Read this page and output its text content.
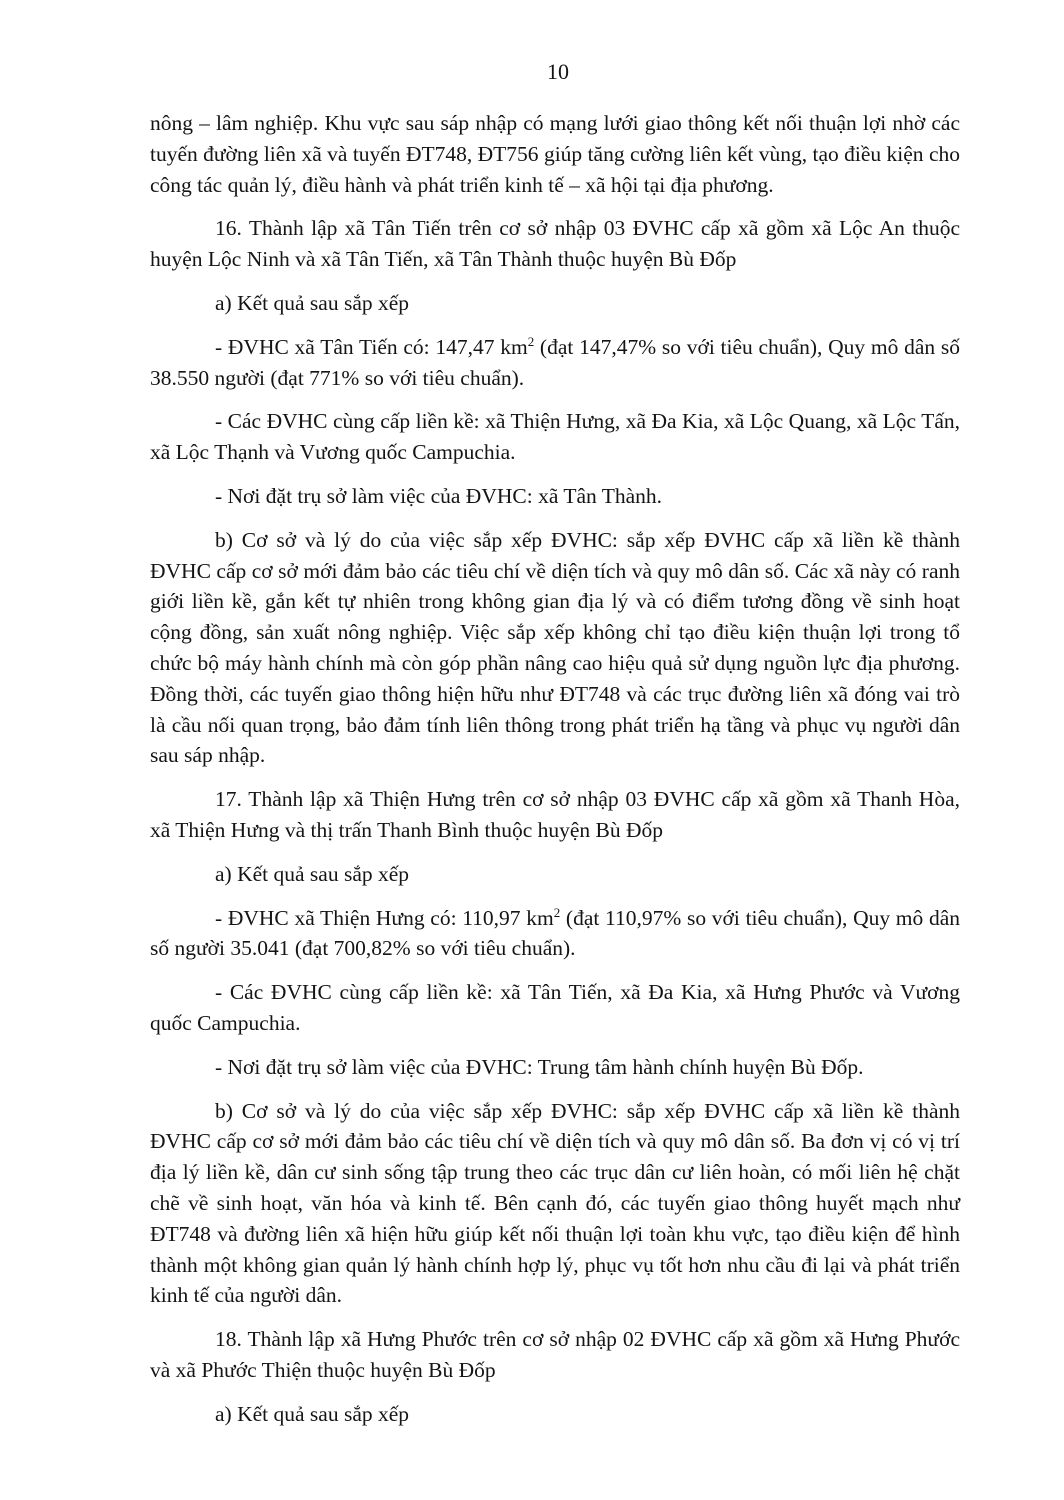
10

nông – lâm nghiệp. Khu vực sau sáp nhập có mạng lưới giao thông kết nối thuận lợi nhờ các tuyến đường liên xã và tuyến ĐT748, ĐT756 giúp tăng cường liên kết vùng, tạo điều kiện cho công tác quản lý, điều hành và phát triển kinh tế – xã hội tại địa phương.

16. Thành lập xã Tân Tiến trên cơ sở nhập 03 ĐVHC cấp xã gồm xã Lộc An thuộc huyện Lộc Ninh và xã Tân Tiến, xã Tân Thành thuộc huyện Bù Đốp

a) Kết quả sau sắp xếp

- ĐVHC xã Tân Tiến có: 147,47 $km^2$ (đạt 147,47% so với tiêu chuẩn), Quy mô dân số 38.550 người (đạt 771% so với tiêu chuẩn).

- Các ĐVHC cùng cấp liền kề: xã Thiện Hưng, xã Đa Kia, xã Lộc Quang, xã Lộc Tấn, xã Lộc Thạnh và Vương quốc Campuchia.

- Nơi đặt trụ sở làm việc của ĐVHC: xã Tân Thành.

b) Cơ sở và lý do của việc sắp xếp ĐVHC: sắp xếp ĐVHC cấp xã liền kề thành ĐVHC cấp cơ sở mới đảm bảo các tiêu chí về diện tích và quy mô dân số. Các xã này có ranh giới liền kề, gắn kết tự nhiên trong không gian địa lý và có điểm tương đồng về sinh hoạt cộng đồng, sản xuất nông nghiệp. Việc sắp xếp không chỉ tạo điều kiện thuận lợi trong tổ chức bộ máy hành chính mà còn góp phần nâng cao hiệu quả sử dụng nguồn lực địa phương. Đồng thời, các tuyến giao thông hiện hữu như ĐT748 và các trục đường liên xã đóng vai trò là cầu nối quan trọng, bảo đảm tính liên thông trong phát triển hạ tầng và phục vụ người dân sau sáp nhập.

17. Thành lập xã Thiện Hưng trên cơ sở nhập 03 ĐVHC cấp xã gồm xã Thanh Hòa, xã Thiện Hưng và thị trấn Thanh Bình thuộc huyện Bù Đốp

a) Kết quả sau sắp xếp

- ĐVHC xã Thiện Hưng có: 110,97 $km^2$ (đạt 110,97% so với tiêu chuẩn), Quy mô dân số người 35.041 (đạt 700,82% so với tiêu chuẩn).

- Các ĐVHC cùng cấp liền kề: xã Tân Tiến, xã Đa Kia, xã Hưng Phước và Vương quốc Campuchia.

- Nơi đặt trụ sở làm việc của ĐVHC: Trung tâm hành chính huyện Bù Đốp.

b) Cơ sở và lý do của việc sắp xếp ĐVHC: sắp xếp ĐVHC cấp xã liền kề thành ĐVHC cấp cơ sở mới đảm bảo các tiêu chí về diện tích và quy mô dân số. Ba đơn vị có vị trí địa lý liền kề, dân cư sinh sống tập trung theo các trục dân cư liên hoàn, có mối liên hệ chặt chẽ về sinh hoạt, văn hóa và kinh tế. Bên cạnh đó, các tuyến giao thông huyết mạch như ĐT748 và đường liên xã hiện hữu giúp kết nối thuận lợi toàn khu vực, tạo điều kiện để hình thành một không gian quản lý hành chính hợp lý, phục vụ tốt hơn nhu cầu đi lại và phát triển kinh tế của người dân.

18. Thành lập xã Hưng Phước trên cơ sở nhập 02 ĐVHC cấp xã gồm xã Hưng Phước và xã Phước Thiện thuộc huyện Bù Đốp

a) Kết quả sau sắp xếp
